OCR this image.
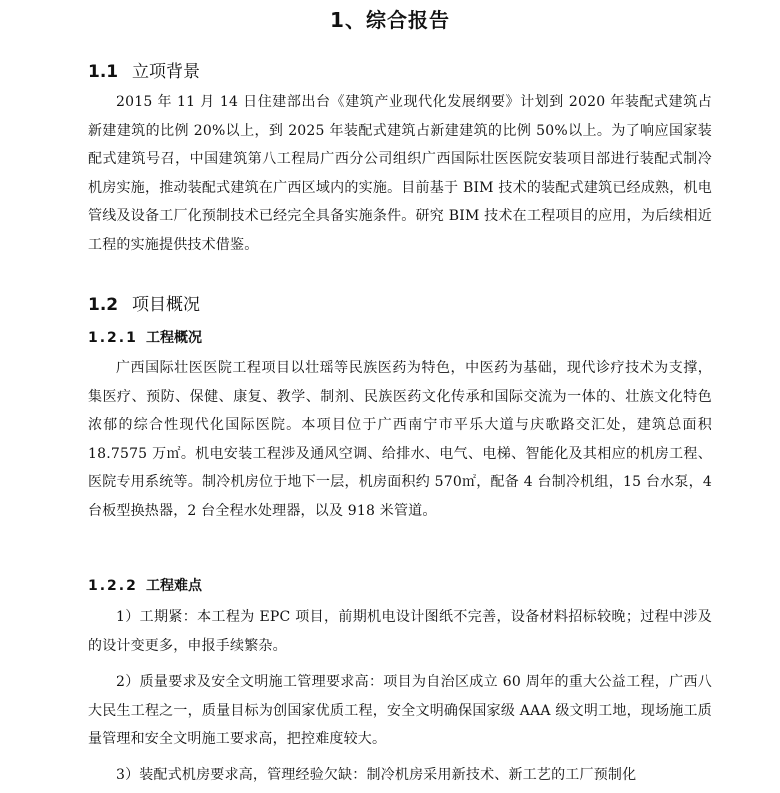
1、综合报告
1.1 立项背景

2015 年 11 月 14 日住建部出台《建筑产业现代化发展纲要》计划到 2020 年装配式建筑占新建建筑的比例 20%以上，到 2025 年装配式建筑占新建建筑的比例 50%以上。为了响应国家装配式建筑号召，中国建筑第八工程局广西分公司组织广西国际壮医医院安装项目部进行装配式制冷机房实施，推动装配式建筑在广西区域内的实施。目前基于 BIM 技术的装配式建筑已经成熟，机电管线及设备工厂化预制技术已经完全具备实施条件。研究 BIM 技术在工程项目的应用，为后续相近工程的实施提供技术借鉴。

1.2 项目概况
1.2.1 工程概况

广西国际壮医医院工程项目以壮瑶等民族医药为特色，中医药为基础，现代诊疗技术为支撑，集医疗、预防、保健、康复、教学、制剂、民族医药文化传承和国际交流为一体的、壮族文化特色浓郁的综合性现代化国际医院。本项目位于广西南宁市平乐大道与庆歌路交汇处，建筑总面积 18.7575 万㎡。机电安装工程涉及通风空调、给排水、电气、电梯、智能化及其相应的机房工程、医院专用系统等。制冷机房位于地下一层，机房面积约 570㎡，配备 4 台制冷机组，15 台水泵，4 台板型换热器，2 台全程水处理器，以及 918 米管道。

1.2.2 工程难点

1）工期紧：本工程为 EPC 项目，前期机电设计图纸不完善，设备材料招标较晚；过程中涉及的设计变更多，申报手续繁杂。

2）质量要求及安全文明施工管理要求高：项目为自治区成立 60 周年的重大公益工程，广西八大民生工程之一，质量目标为创国家优质工程，安全文明确保国家级 AAA 级文明工地，现场施工质量管理和安全文明施工要求高，把控难度较大。

3）装配式机房要求高，管理经验欠缺：制冷机房采用新技术、新工艺的工厂预制化
